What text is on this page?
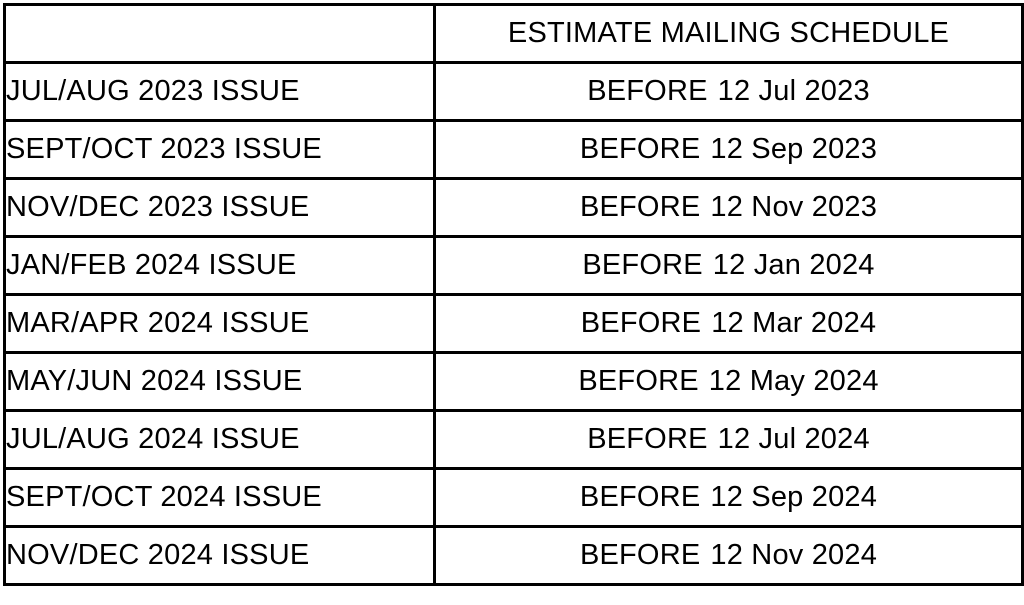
	ESTIMATE MAILING SCHEDULE
JUL/AUG 2023 ISSUE	BEFORE 12 Jul 2023
SEPT/OCT 2023 ISSUE	BEFORE 12 Sep 2023
NOV/DEC 2023 ISSUE	BEFORE 12 Nov 2023
JAN/FEB 2024 ISSUE	BEFORE 12 Jan 2024
MAR/APR 2024 ISSUE	BEFORE 12 Mar 2024
MAY/JUN 2024 ISSUE	BEFORE 12 May 2024
JUL/AUG 2024 ISSUE	BEFORE 12 Jul 2024
SEPT/OCT 2024 ISSUE	BEFORE 12 Sep 2024
NOV/DEC 2024 ISSUE	BEFORE 12 Nov 2024
